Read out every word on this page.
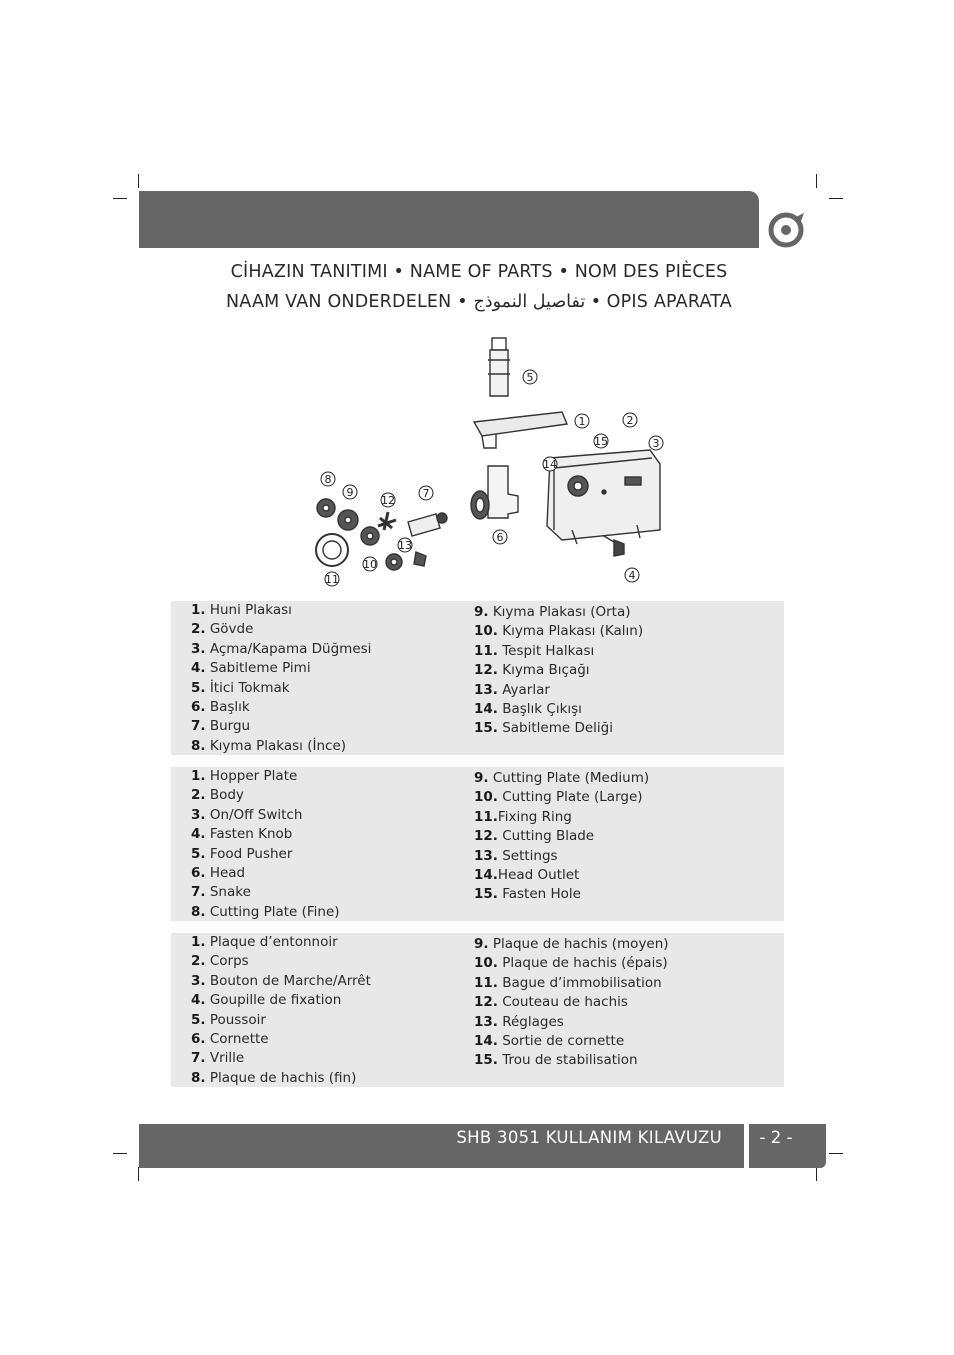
CİHAZIN TANITIMI • NAME OF PARTS • NOM DES PIÈCES
NAAM VAN ONDERDELEN • تفاصيل النموذج • OPIS APARATA
5
1	2
15	3
14
8
9
12
7
6
13
10
11	4
1. Huni Plakası
2. Gövde
3. Açma/Kapama Düğmesi
4. Sabitleme Pimi
5. İtici Tokmak
6. Başlık
7. Burgu
8. Kıyma Plakası (İnce)
9. Kıyma Plakası (Orta)
10. Kıyma Plakası (Kalın)
11. Tespit Halkası
12. Kıyma Bıçağı
13. Ayarlar
14. Başlık Çıkışı
15. Sabitleme Deliği
1. Hopper Plate
2. Body
3. On/Off Switch
4. Fasten Knob
5. Food Pusher
6. Head
7. Snake
8. Cutting Plate (Fine)
9. Cutting Plate (Medium)
10. Cutting Plate (Large)
11.Fixing Ring
12. Cutting Blade
13. Settings
14.Head Outlet
15. Fasten Hole
1. Plaque d’entonnoir
2. Corps
3. Bouton de Marche/Arrêt
4. Goupille de fixation
5. Poussoir
6. Cornette
7. Vrille
8. Plaque de hachis (fin)
9. Plaque de hachis (moyen)
10. Plaque de hachis (épais)
11. Bague d’immobilisation
12. Couteau de hachis
13. Réglages
14. Sortie de cornette
15. Trou de stabilisation
SHB 3051 KULLANIM KILAVUZU	- 2 -
